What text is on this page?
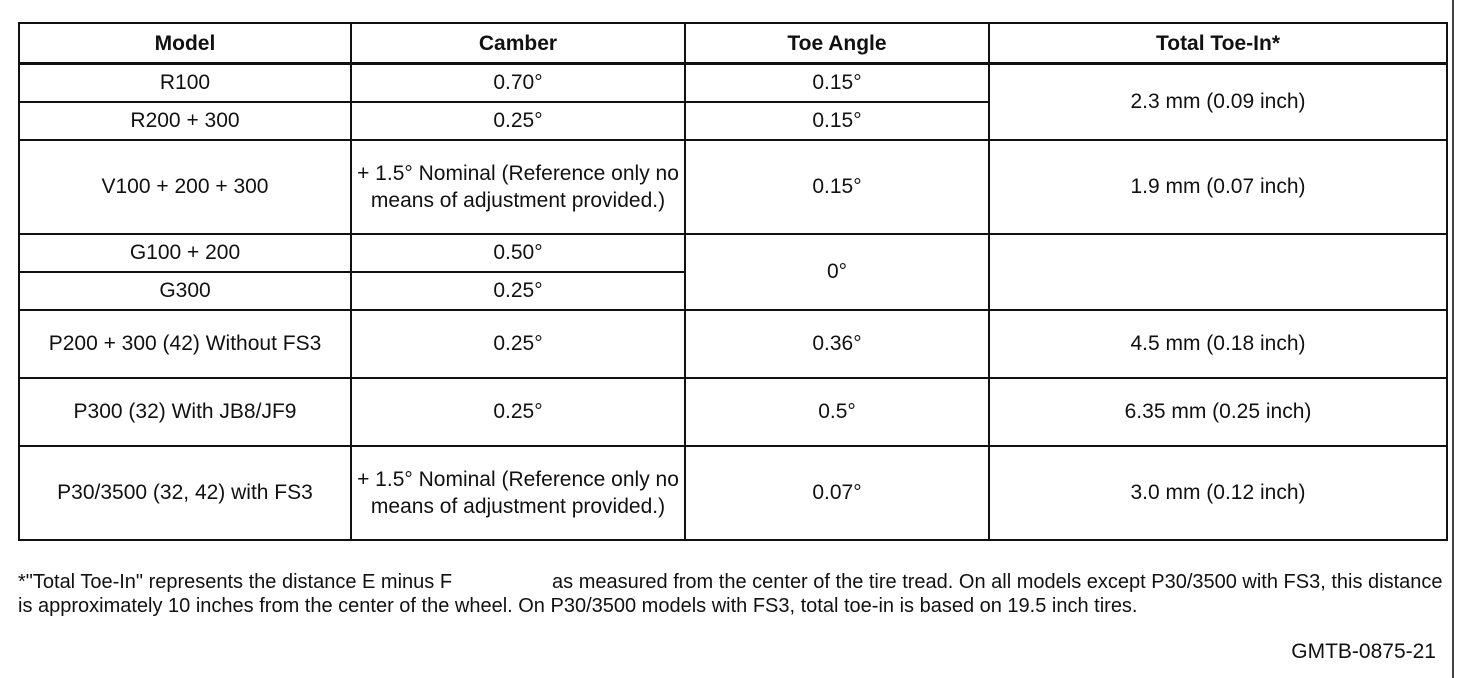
Model	Camber	Toe Angle	Total Toe-In*
R100	0.70°	0.15°	2.3 mm (0.09 inch)
R200 + 300	0.25°	0.15°	
V100 + 200 + 300	+ 1.5° Nominal (Reference only no means of adjustment provided.)	0.15°	1.9 mm (0.07 inch)
G100 + 200	0.50°	0°	
G300	0.25°		
P200 + 300 (42) Without FS3	0.25°	0.36°	4.5 mm (0.18 inch)
P300 (32) With JB8/JF9	0.25°	0.5°	6.35 mm (0.25 inch)
P30/3500 (32, 42) with FS3	+ 1.5° Nominal (Reference only no means of adjustment provided.)	0.07°	3.0 mm (0.12 inch)

*"Total Toe-In" represents the distance E minus F	as measured from the center of the tire tread. On all models except P30/3500 with FS3, this distance is approximately 10 inches from the center of the wheel. On P30/3500 models with FS3, total toe-in is based on 19.5 inch tires.

GMTB-0875-21
